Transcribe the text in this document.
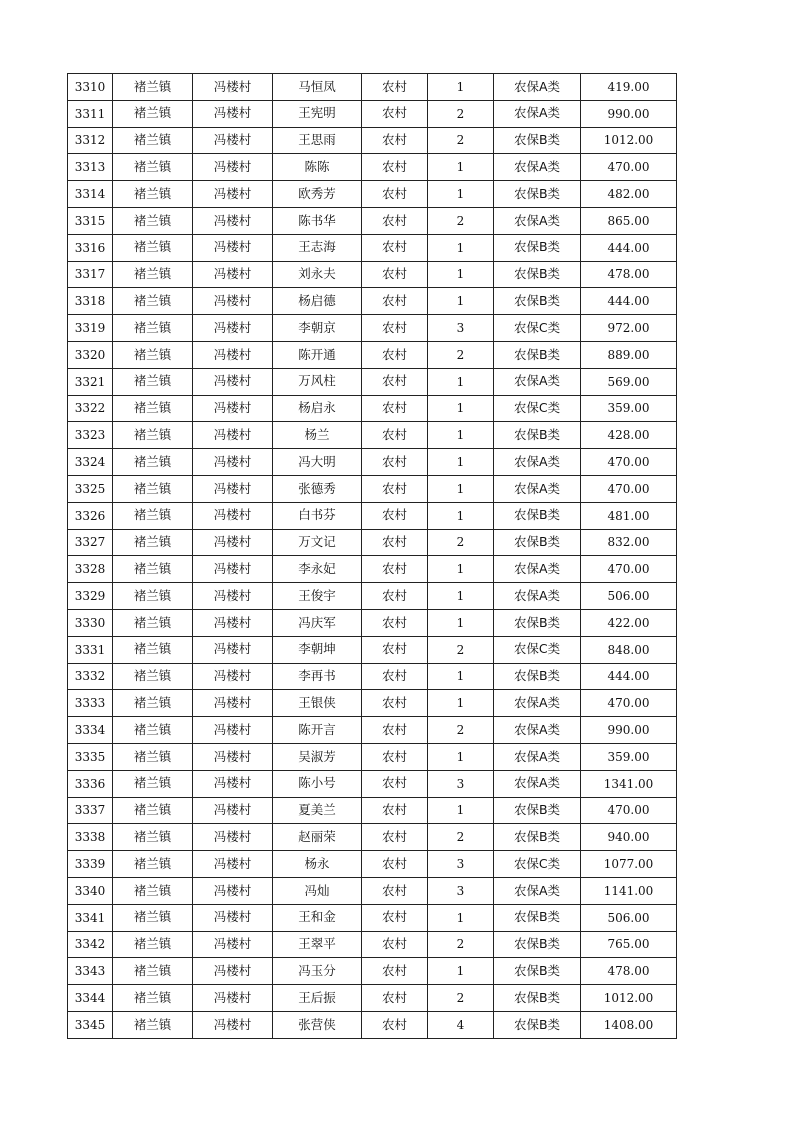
3310	褚兰镇	冯楼村	马恒凤	农村	1	农保A类	419.00
3311	褚兰镇	冯楼村	王宪明	农村	2	农保A类	990.00
3312	褚兰镇	冯楼村	王思雨	农村	2	农保B类	1012.00
3313	褚兰镇	冯楼村	陈陈	农村	1	农保A类	470.00
3314	褚兰镇	冯楼村	欧秀芳	农村	1	农保B类	482.00
3315	褚兰镇	冯楼村	陈书华	农村	2	农保A类	865.00
3316	褚兰镇	冯楼村	王志海	农村	1	农保B类	444.00
3317	褚兰镇	冯楼村	刘永夫	农村	1	农保B类	478.00
3318	褚兰镇	冯楼村	杨启德	农村	1	农保B类	444.00
3319	褚兰镇	冯楼村	李朝京	农村	3	农保C类	972.00
3320	褚兰镇	冯楼村	陈开通	农村	2	农保B类	889.00
3321	褚兰镇	冯楼村	万风柱	农村	1	农保A类	569.00
3322	褚兰镇	冯楼村	杨启永	农村	1	农保C类	359.00
3323	褚兰镇	冯楼村	杨兰	农村	1	农保B类	428.00
3324	褚兰镇	冯楼村	冯大明	农村	1	农保A类	470.00
3325	褚兰镇	冯楼村	张德秀	农村	1	农保A类	470.00
3326	褚兰镇	冯楼村	白书芬	农村	1	农保B类	481.00
3327	褚兰镇	冯楼村	万文记	农村	2	农保B类	832.00
3328	褚兰镇	冯楼村	李永妃	农村	1	农保A类	470.00
3329	褚兰镇	冯楼村	王俊宇	农村	1	农保A类	506.00
3330	褚兰镇	冯楼村	冯庆军	农村	1	农保B类	422.00
3331	褚兰镇	冯楼村	李朝坤	农村	2	农保C类	848.00
3332	褚兰镇	冯楼村	李再书	农村	1	农保B类	444.00
3333	褚兰镇	冯楼村	王银侠	农村	1	农保A类	470.00
3334	褚兰镇	冯楼村	陈开言	农村	2	农保A类	990.00
3335	褚兰镇	冯楼村	吴淑芳	农村	1	农保A类	359.00
3336	褚兰镇	冯楼村	陈小号	农村	3	农保A类	1341.00
3337	褚兰镇	冯楼村	夏美兰	农村	1	农保B类	470.00
3338	褚兰镇	冯楼村	赵丽荣	农村	2	农保B类	940.00
3339	褚兰镇	冯楼村	杨永	农村	3	农保C类	1077.00
3340	褚兰镇	冯楼村	冯灿	农村	3	农保A类	1141.00
3341	褚兰镇	冯楼村	王和金	农村	1	农保B类	506.00
3342	褚兰镇	冯楼村	王翠平	农村	2	农保B类	765.00
3343	褚兰镇	冯楼村	冯玉分	农村	1	农保B类	478.00
3344	褚兰镇	冯楼村	王后振	农村	2	农保B类	1012.00
3345	褚兰镇	冯楼村	张营侠	农村	4	农保B类	1408.00
